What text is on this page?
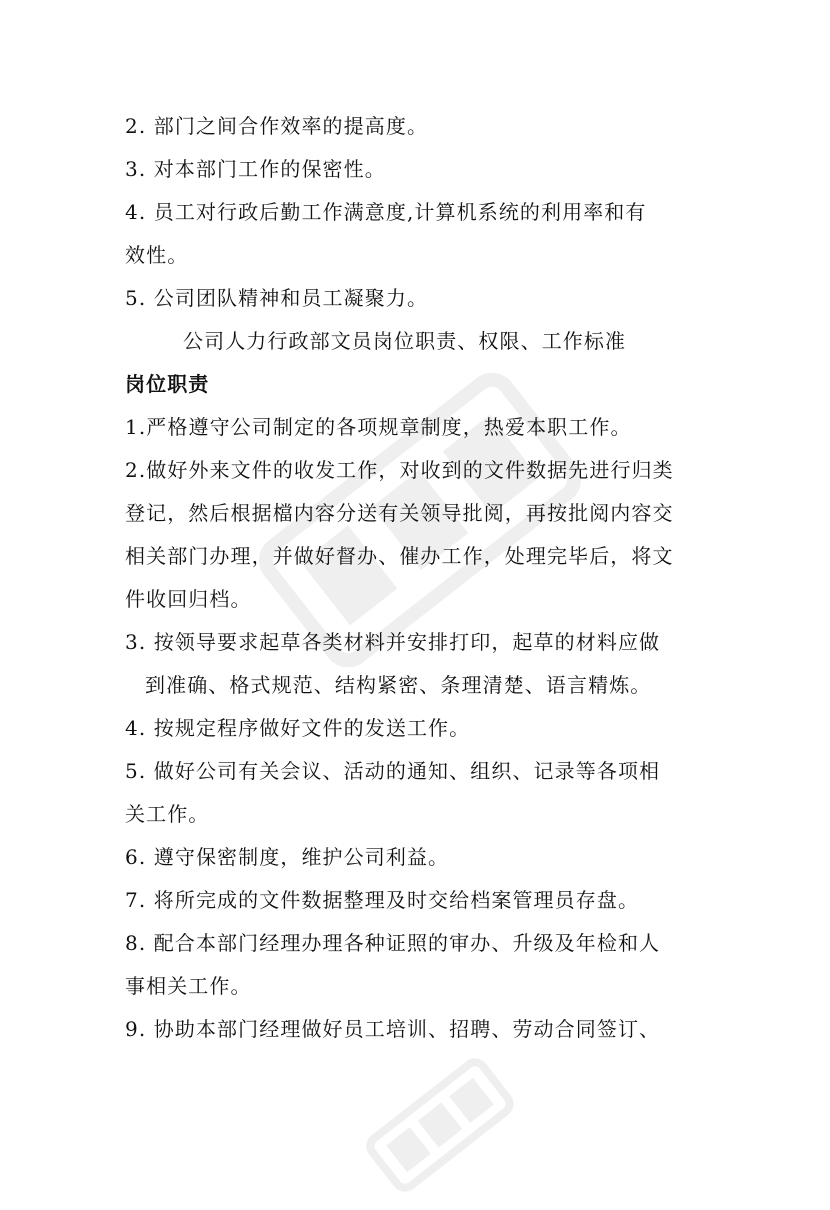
2. 部门之间合作效率的提高度。
3. 对本部门工作的保密性。
4. 员工对行政后勤工作满意度,计算机系统的利用率和有
效性。
5. 公司团队精神和员工凝聚力。
公司人力行政部文员岗位职责、权限、工作标准
岗位职责
1.严格遵守公司制定的各项规章制度，热爱本职工作。
2.做好外来文件的收发工作，对收到的文件数据先进行归类
登记，然后根据檔内容分送有关领导批阅，再按批阅内容交
相关部门办理，并做好督办、催办工作，处理完毕后，将文
件收回归档。
3. 按领导要求起草各类材料并安排打印，起草的材料应做
到准确、格式规范、结构紧密、条理清楚、语言精炼。
4. 按规定程序做好文件的发送工作。
5. 做好公司有关会议、活动的通知、组织、记录等各项相
关工作。
6. 遵守保密制度，维护公司利益。
7. 将所完成的文件数据整理及时交给档案管理员存盘。
8. 配合本部门经理办理各种证照的审办、升级及年检和人
事相关工作。
9. 协助本部门经理做好员工培训、招聘、劳动合同签订、
